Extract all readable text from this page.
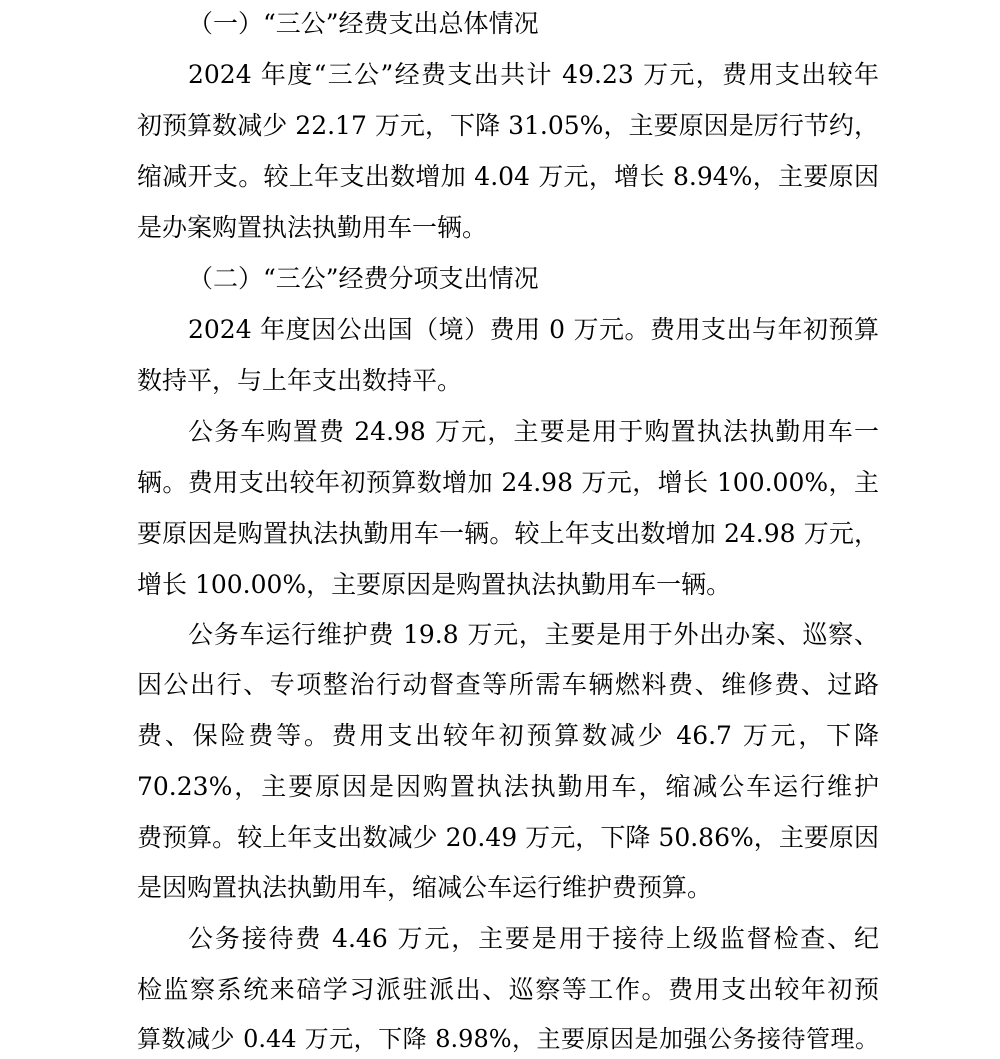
（一）“三公”经费支出总体情况
2024 年度“三公”经费支出共计 49.23 万元，费用支出较年
初预算数减少 22.17 万元，下降 31.05%，主要原因是厉行节约，
缩减开支。较上年支出数增加 4.04 万元，增长 8.94%，主要原因
是办案购置执法执勤用车一辆。
（二）“三公”经费分项支出情况
2024 年度因公出国（境）费用 0 万元。费用支出与年初预算
数持平，与上年支出数持平。
公务车购置费 24.98 万元，主要是用于购置执法执勤用车一
辆。费用支出较年初预算数增加 24.98 万元，增长 100.00%，主
要原因是购置执法执勤用车一辆。较上年支出数增加 24.98 万元，
增长 100.00%，主要原因是购置执法执勤用车一辆。
公务车运行维护费 19.8 万元，主要是用于外出办案、巡察、
因公出行、专项整治行动督查等所需车辆燃料费、维修费、过路
费、保险费等。费用支出较年初预算数减少 46.7 万元，下降
70.23%，主要原因是因购置执法执勤用车，缩减公车运行维护
费预算。较上年支出数减少 20.49 万元，下降 50.86%，主要原因
是因购置执法执勤用车，缩减公车运行维护费预算。
公务接待费 4.46 万元，主要是用于接待上级监督检查、纪
检监察系统来碚学习派驻派出、巡察等工作。费用支出较年初预
算数减少 0.44 万元，下降 8.98%，主要原因是加强公务接待管理。
